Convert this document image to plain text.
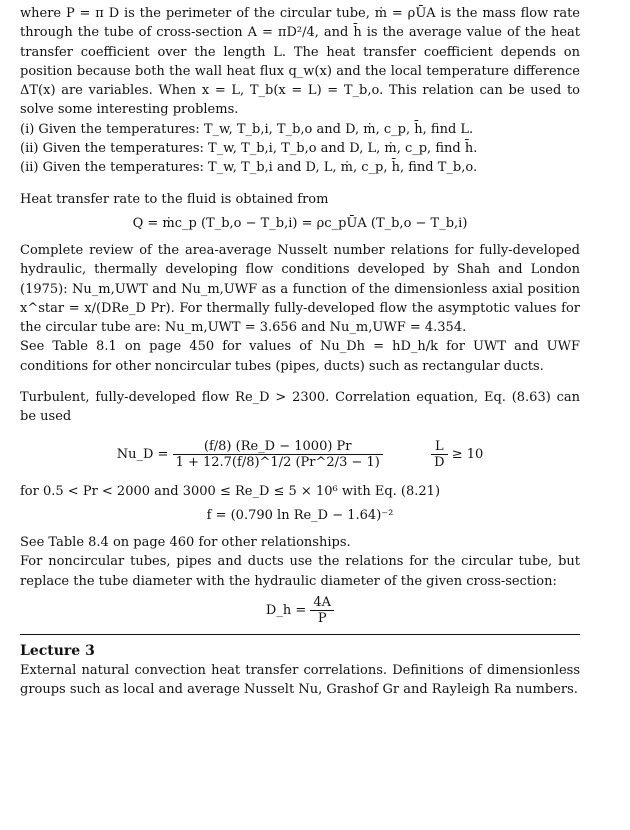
where P = π D is the perimeter of the circular tube, ṁ = ρŪA is the mass flow rate through the tube of cross-section A = πD²/4, and h̄ is the average value of the heat transfer coefficient over the length L. The heat transfer coefficient depends on position because both the wall heat flux q_w(x) and the local temperature difference ΔT(x) are variables. When x = L, T_b(x = L) = T_b,o. This relation can be used to solve some interesting problems.

(i) Given the temperatures: T_w, T_b,i, T_b,o and D, ṁ, c_p, h̄, find L.

(ii) Given the temperatures: T_w, T_b,i, T_b,o and D, L, ṁ, c_p, find h̄.

(ii) Given the temperatures: T_w, T_b,i and D, L, ṁ, c_p, h̄, find T_b,o.

Heat transfer rate to the fluid is obtained from

Q = ṁc_p (T_b,o − T_b,i) = ρc_pŪA (T_b,o − T_b,i)

Complete review of the area-average Nusselt number relations for fully-developed hydraulic, thermally developing flow conditions developed by Shah and London (1975): Nu_m,UWT and Nu_m,UWF as a function of the dimensionless axial position x^star = x/(DRe_D Pr). For thermally fully-developed flow the asymptotic values for the circular tube are: Nu_m,UWT = 3.656 and Nu_m,UWF = 4.354.

See Table 8.1 on page 450 for values of Nu_Dh = hD_h/k for UWT and UWF conditions for other noncircular tubes (pipes, ducts) such as rectangular ducts.

Turbulent, fully-developed flow Re_D > 2300. Correlation equation, Eq. (8.63) can be used

Nu_D = $\frac{(f/8) (Re\_D - 1000) Pr}{1 + 12.7(f/8)\^{}1/2 (Pr\^{}2/3 - 1)}$
	$\frac{L}{D} \ge 10$

for 0.5 < Pr < 2000 and 3000 ≤ Re_D ≤ 5 × 10⁶ with Eq. (8.21)

f = (0.790 ln Re_D − 1.64)⁻²

See Table 8.4 on page 460 for other relationships.

For noncircular tubes, pipes and ducts use the relations for the circular tube, but replace the tube diameter with the hydraulic diameter of the given cross-section:

D_h = $\frac{4A}{P}$

Lecture 3

External natural convection heat transfer correlations. Definitions of dimensionless groups such as local and average Nusselt Nu, Grashof Gr and Rayleigh Ra numbers.
